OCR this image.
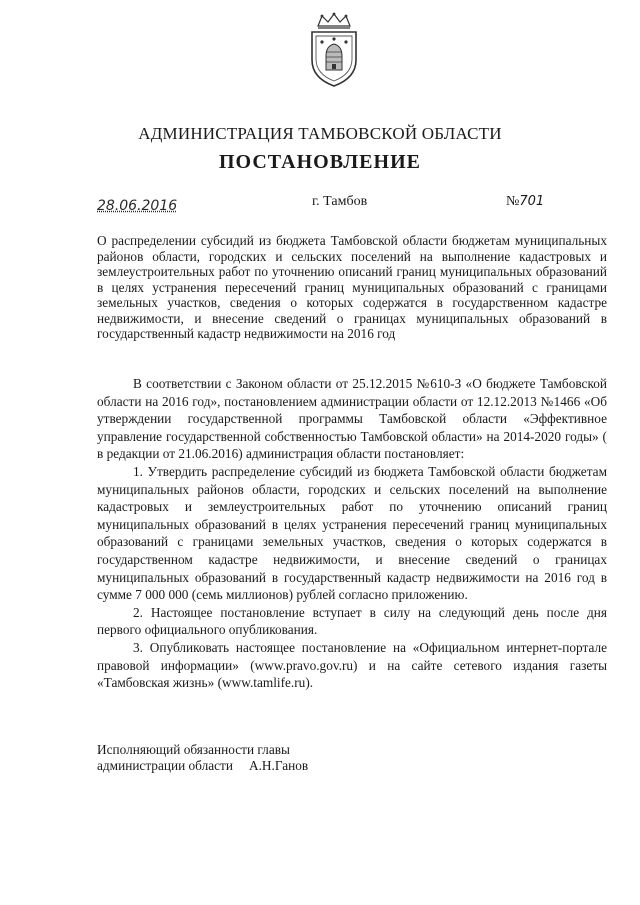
АДМИНИСТРАЦИЯ ТАМБОВСКОЙ ОБЛАСТИ
ПОСТАНОВЛЕНИЕ
28.06.2016	г. Тамбов	№701
О распределении субсидий из бюджета Тамбовской области бюджетам муниципальных районов области, городских и сельских поселений на выполнение кадастровых и землеустроительных работ по уточнению описаний границ муниципальных образований в целях устранения пересечений границ муниципальных образований с границами земельных участков, сведения о которых содержатся в государственном кадастре недвижимости, и внесение сведений о границах муниципальных образований в государственный кадастр недвижимости на 2016 год

В соответствии с Законом области от 25.12.2015 №610-З «О бюджете Тамбовской области на 2016 год», постановлением администрации области от 12.12.2013 №1466 «Об утверждении государственной программы Тамбовской области «Эффективное управление государственной собственностью Тамбовской области» на 2014-2020 годы» ( в редакции от 21.06.2016) администрация области постановляет:

1. Утвердить распределение субсидий из бюджета Тамбовской области бюджетам муниципальных районов области, городских и сельских поселений на выполнение кадастровых и землеустроительных работ по уточнению описаний границ муниципальных образований в целях устранения пересечений границ муниципальных образований с границами земельных участков, сведения о которых содержатся в государственном кадастре недвижимости, и внесение сведений о границах муниципальных образований в государственный кадастр недвижимости на 2016 год в сумме 7 000 000 (семь миллионов) рублей согласно приложению.

2. Настоящее постановление вступает в силу на следующий день после дня первого официального опубликования.

3. Опубликовать настоящее постановление на «Официальном интернет-портале правовой информации» (www.pravo.gov.ru) и на сайте сетевого издания газеты «Тамбовская жизнь» (www.tamlife.ru).

Исполняющий обязанности главы
администрации области А.Н.Ганов
